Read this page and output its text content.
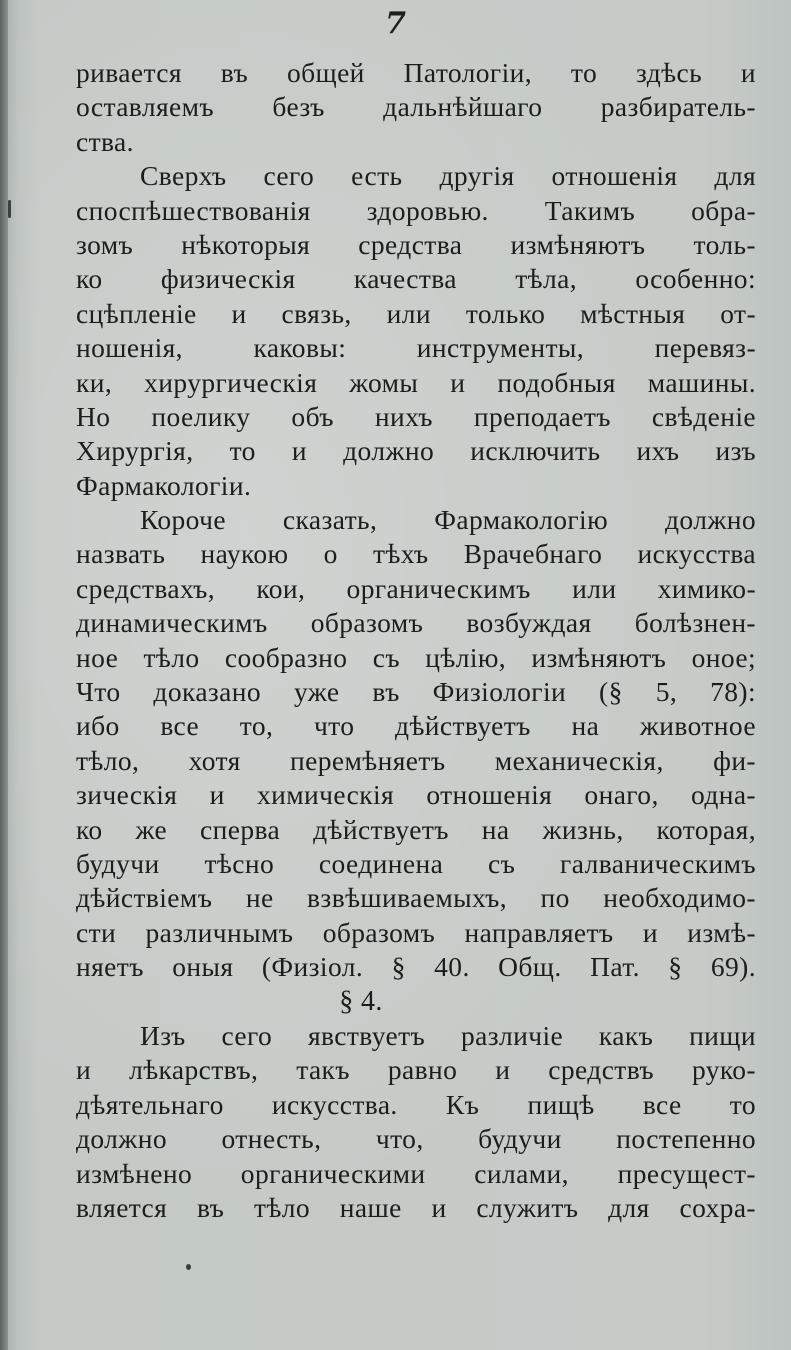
7
ривается въ общей Патологіи, то здѣсь и
оставляемъ безъ дальнѣйшаго разбиратель-
ства.
Сверхъ сего есть другія отношенія для
споспѣшествованія здоровью. Такимъ обра-
зомъ нѣкоторыя средства измѣняютъ толь-
ко физическія качества тѣла, особенно:
сцѣпленіе и связь, или только мѣстныя от-
ношенія, каковы: инструменты, перевяз-
ки, хирургическія жомы и подобныя машины.
Но поелику объ нихъ преподаетъ свѣденіе
Хирургія, то и должно исключить ихъ изъ
Фармакологіи.
Короче сказать, Фармакологію должно
назвать наукою о тѣхъ Врачебнаго искусства
средствахъ, кои, органическимъ или химико-
динамическимъ образомъ возбуждая болѣзнен-
ное тѣло сообразно съ цѣлію, измѣняютъ оное;
Что доказано уже въ Физіологіи (§ 5, 78):
ибо все то, что дѣйствуетъ на животное
тѣло, хотя перемѣняетъ механическія, фи-
зическія и химическія отношенія онаго, одна-
ко же сперва дѣйствуетъ на жизнь, которая,
будучи тѣсно соединена съ галваническимъ
дѣйствіемъ не взвѣшиваемыхъ, по необходимо-
сти различнымъ образомъ направляетъ и измѣ-
няетъ оныя (Физіол. § 40. Общ. Пат. § 69).
§ 4.
Изъ сего явствуетъ различіе какъ пищи
и лѣкарствъ, такъ равно и средствъ руко-
дѣятельнаго искусства. Къ пищѣ все то
должно отнесть, что, будучи постепенно
измѣнено органическими силами, пресущест-
вляется въ тѣло наше и служитъ для сохра-
